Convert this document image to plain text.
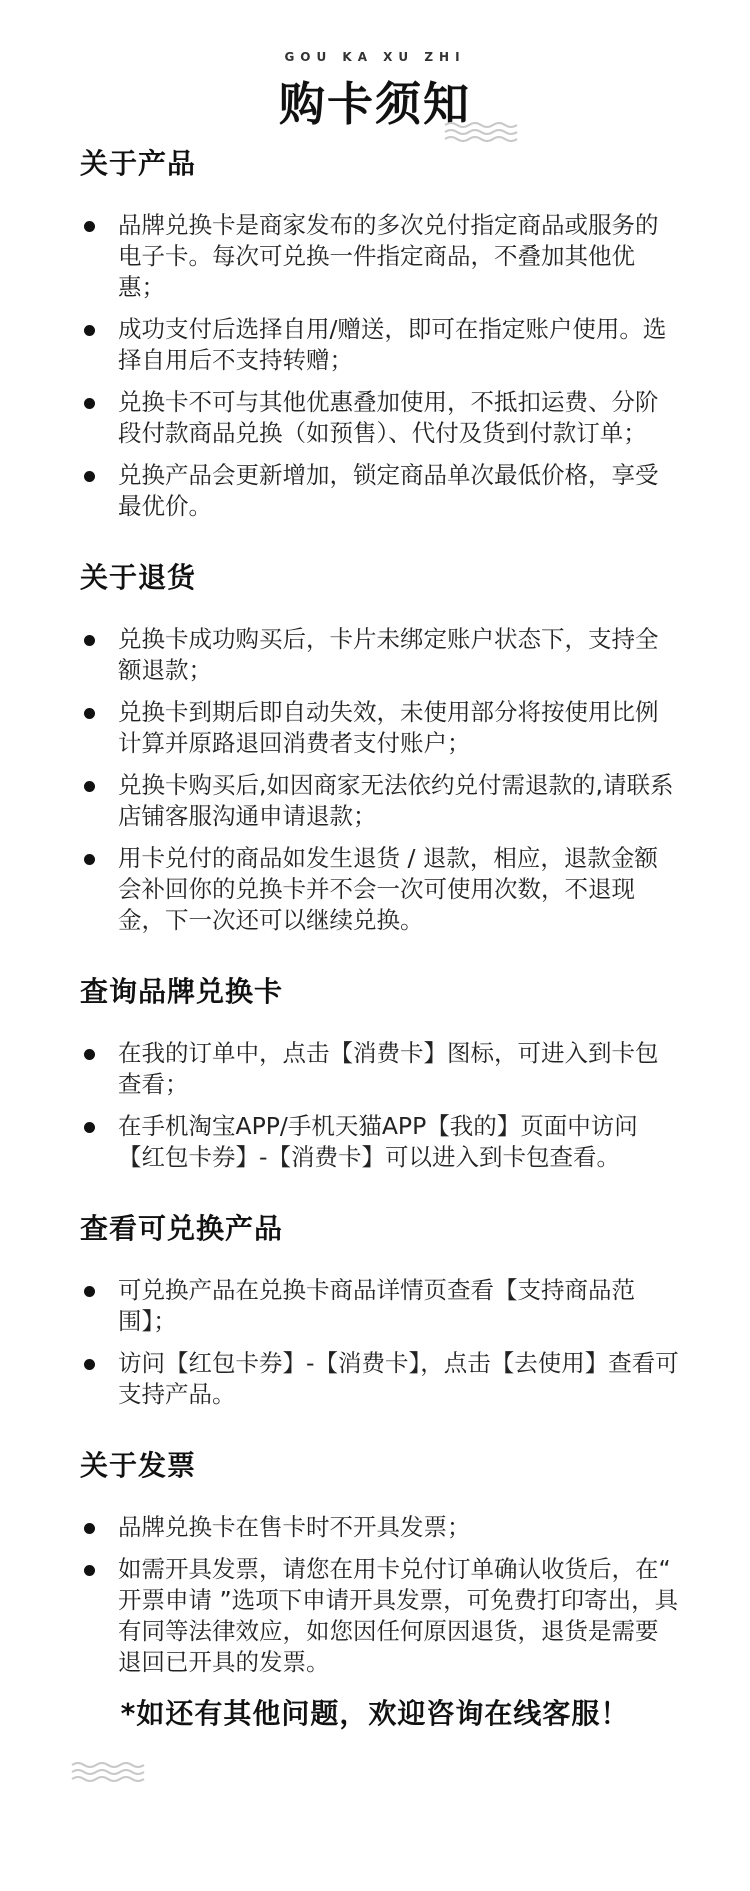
GOU KA XU ZHI
购卡须知
关于产品
品牌兑换卡是商家发布的多次兑付指定商品或服务的电子卡。每次可兑换一件指定商品，不叠加其他优惠；
成功支付后选择自用/赠送，即可在指定账户使用。选择自用后不支持转赠；
兑换卡不可与其他优惠叠加使用，不抵扣运费、分阶段付款商品兑换（如预售）、代付及货到付款订单；
兑换产品会更新增加，锁定商品单次最低价格，享受最优价。
关于退货
兑换卡成功购买后，卡片未绑定账户状态下，支持全额退款；
兑换卡到期后即自动失效，未使用部分将按使用比例计算并原路退回消费者支付账户；
兑换卡购买后,如因商家无法依约兑付需退款的,请联系店铺客服沟通申请退款；
用卡兑付的商品如发生退货 / 退款，相应，退款金额会补回你的兑换卡并不会一次可使用次数，不退现金，下一次还可以继续兑换。
查询品牌兑换卡
在我的订单中，点击【消费卡】图标，可进入到卡包查看；
在手机淘宝APP/手机天猫APP【我的】页面中访问【红包卡券】-【消费卡】可以进入到卡包查看。
查看可兑换产品
可兑换产品在兑换卡商品详情页查看【支持商品范围】；
访问【红包卡券】-【消费卡】，点击【去使用】查看可支持产品。
关于发票
品牌兑换卡在售卡时不开具发票；
如需开具发票，请您在用卡兑付订单确认收货后，在“ 开票申请 ”选项下申请开具发票，可免费打印寄出，具有同等法律效应，如您因任何原因退货，退货是需要退回已开具的发票。
*如还有其他问题，欢迎咨询在线客服！
